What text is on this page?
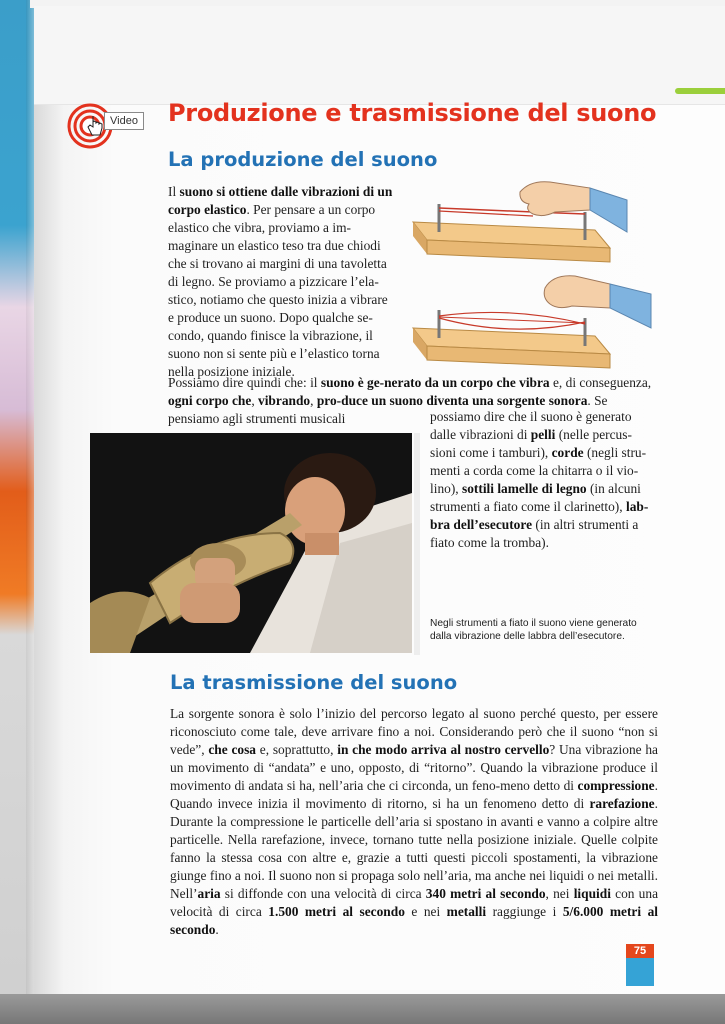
Video Produzione e trasmissione del suono
La produzione del suono

Il suono si ottiene dalle vibrazioni di un corpo elastico. Per pensare a un corpo elastico che vibra, proviamo a im-maginare un elastico teso tra due chiodi che si trovano ai margini di una tavoletta di legno. Se proviamo a pizzicare l’ela-stico, notiamo che questo inizia a vibrare e produce un suono. Dopo qualche se-condo, quando finisce la vibrazione, il suono non si sente più e l’elastico torna nella posizione iniziale.

Possiamo dire quindi che: il suono è ge-nerato da un corpo che vibra e, di conseguenza, ogni corpo che, vibrando, pro-duce un suono diventa una sorgente sonora. Se pensiamo agli strumenti musicali	possiamo dire che il suono è generato dalle vibrazioni di pelli (nelle percus-sioni come i tamburi), corde (negli stru-menti a corda come la chitarra o il vio-lino), sottili lamelle di legno (in alcuni strumenti a fiato come il clarinetto), lab-bra dell’esecutore (in altri strumenti a fiato come la tromba).

Negli strumenti a fiato il suono viene generato dalla vibrazione delle labbra dell’esecutore.

La trasmissione del suono

La sorgente sonora è solo l’inizio del percorso legato al suono perché questo, per essere riconosciuto come tale, deve arrivare fino a noi. Considerando però che il suono “non si vede”, che cosa e, soprattutto, in che modo arriva al nostro cervello? Una vibrazione ha un movimento di “andata” e uno, opposto, di “ritorno”. Quando la vibrazione produce il movimento di andata si ha, nell’aria che ci circonda, un feno-meno detto di compressione. Quando invece inizia il movimento di ritorno, si ha un fenomeno detto di rarefazione. Durante la compressione le particelle dell’aria si spostano in avanti e vanno a colpire altre particelle. Nella rarefazione, invece, tornano tutte nella posizione iniziale. Quelle colpite fanno la stessa cosa con altre e, grazie a tutti questi piccoli spostamenti, la vibrazione giunge fino a noi. Il suono non si propaga solo nell’aria, ma anche nei liquidi o nei metalli. Nell’aria si diffonde con una velocità di circa 340 metri al secondo, nei liquidi con una velocità di circa 1.500 metri al secondo e nei metalli raggiunge i 5/6.000 metri al secondo.

75
